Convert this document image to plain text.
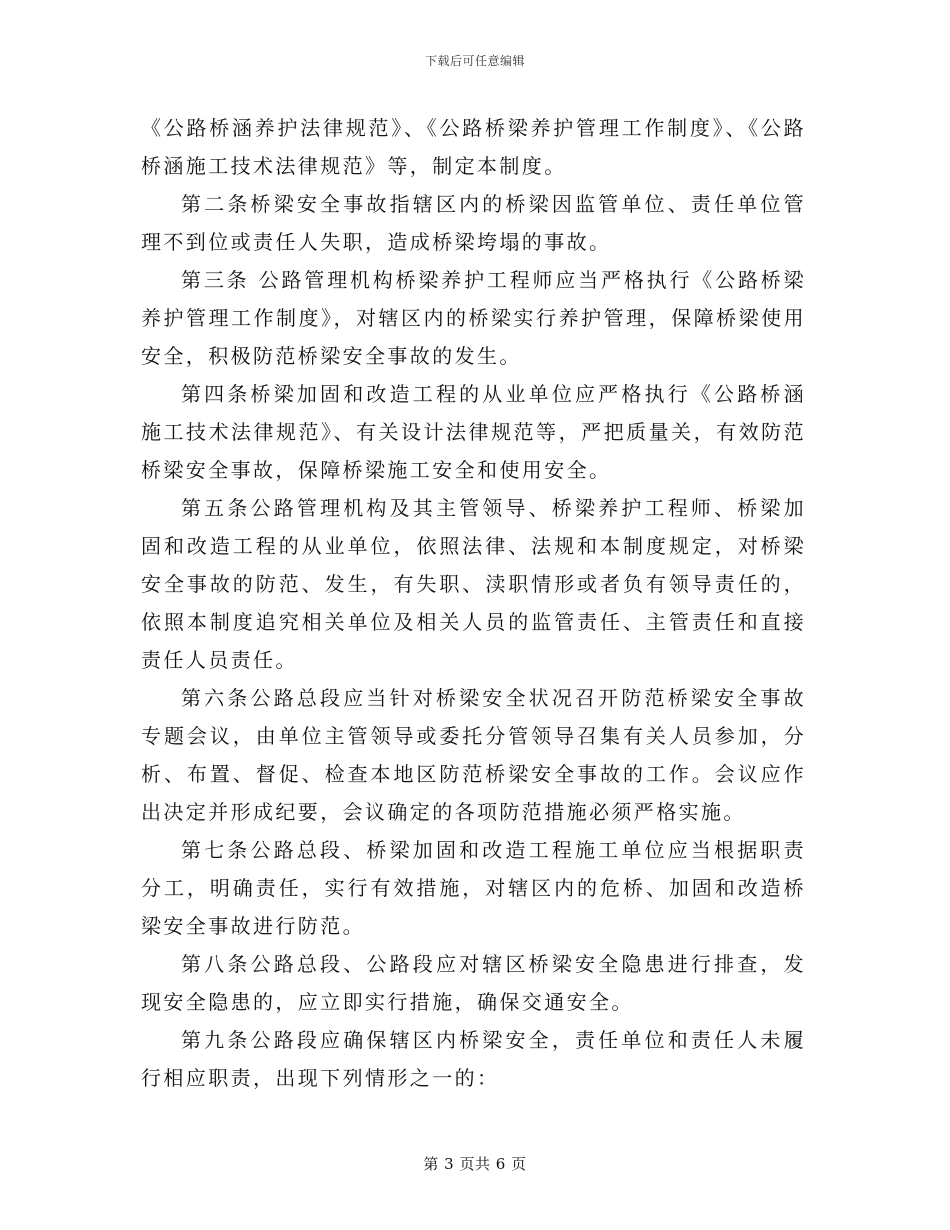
下载后可任意编辑

《公路桥涵养护法律规范》、《公路桥梁养护管理工作制度》、《公路桥涵施工技术法律规范》等，制定本制度。

第二条桥梁安全事故指辖区内的桥梁因监管单位、责任单位管理不到位或责任人失职，造成桥梁垮塌的事故。

第三条 公路管理机构桥梁养护工程师应当严格执行《公路桥梁养护管理工作制度》，对辖区内的桥梁实行养护管理，保障桥梁使用安全，积极防范桥梁安全事故的发生。

第四条桥梁加固和改造工程的从业单位应严格执行《公路桥涵施工技术法律规范》、有关设计法律规范等，严把质量关，有效防范桥梁安全事故，保障桥梁施工安全和使用安全。

第五条公路管理机构及其主管领导、桥梁养护工程师、桥梁加固和改造工程的从业单位，依照法律、法规和本制度规定，对桥梁安全事故的防范、发生，有失职、渎职情形或者负有领导责任的，依照本制度追究相关单位及相关人员的监管责任、主管责任和直接责任人员责任。

第六条公路总段应当针对桥梁安全状况召开防范桥梁安全事故专题会议，由单位主管领导或委托分管领导召集有关人员参加，分析、布置、督促、检查本地区防范桥梁安全事故的工作。会议应作出决定并形成纪要，会议确定的各项防范措施必须严格实施。

第七条公路总段、桥梁加固和改造工程施工单位应当根据职责分工，明确责任，实行有效措施，对辖区内的危桥、加固和改造桥梁安全事故进行防范。

第八条公路总段、公路段应对辖区桥梁安全隐患进行排查，发现安全隐患的，应立即实行措施，确保交通安全。

第九条公路段应确保辖区内桥梁安全，责任单位和责任人未履行相应职责，出现下列情形之一的：

第 3 页共 6 页
